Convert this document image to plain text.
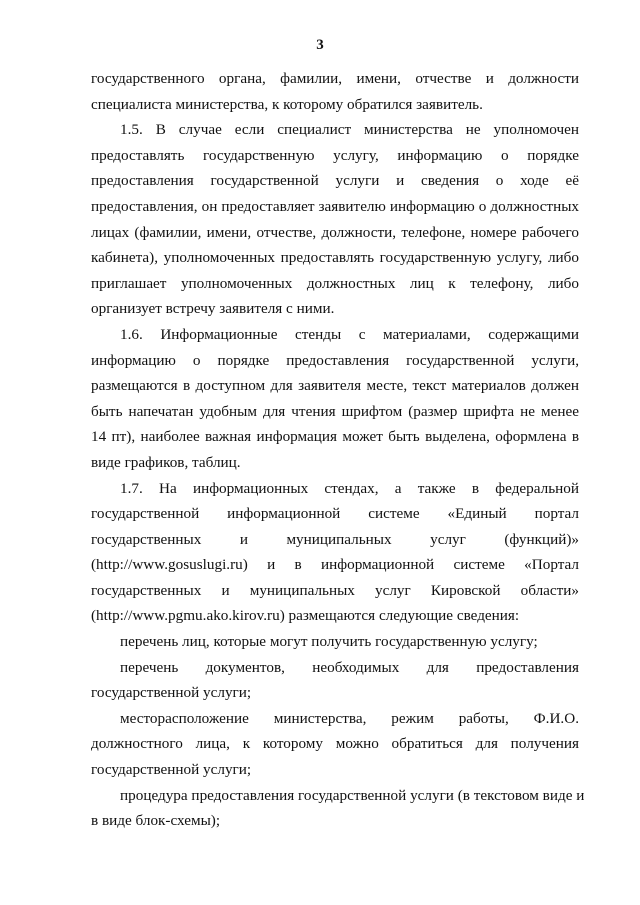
3
государственного органа, фамилии, имени, отчестве и должности
специалиста министерства, к которому обратился заявитель.
1.5. В случае если специалист министерства не уполномочен
предоставлять государственную услугу, информацию о порядке
предоставления государственной услуги и сведения о ходе её
предоставления, он предоставляет заявителю информацию о должностных
лицах (фамилии, имени, отчестве, должности, телефоне, номере рабочего
кабинета), уполномоченных предоставлять государственную услугу, либо
приглашает уполномоченных должностных лиц к телефону, либо
организует встречу заявителя с ними.
1.6. Информационные стенды с материалами, содержащими
информацию о порядке предоставления государственной услуги,
размещаются в доступном для заявителя месте, текст материалов должен
быть напечатан удобным для чтения шрифтом (размер шрифта не менее
14 пт), наиболее важная информация может быть выделена, оформлена в
виде графиков, таблиц.
1.7. На информационных стендах, а также в федеральной
государственной информационной системе «Единый портал
государственных и муниципальных услуг (функций)»
(http://www.gosuslugi.ru) и в информационной системе «Портал
государственных и муниципальных услуг Кировской области»
(http://www.pgmu.ako.kirov.ru) размещаются следующие сведения:
перечень лиц, которые могут получить государственную услугу;
перечень документов, необходимых для предоставления
государственной услуги;
месторасположение министерства, режим работы, Ф.И.О.
должностного лица, к которому можно обратиться для получения
государственной услуги;
процедура предоставления государственной услуги (в текстовом виде и
в виде блок-схемы);
